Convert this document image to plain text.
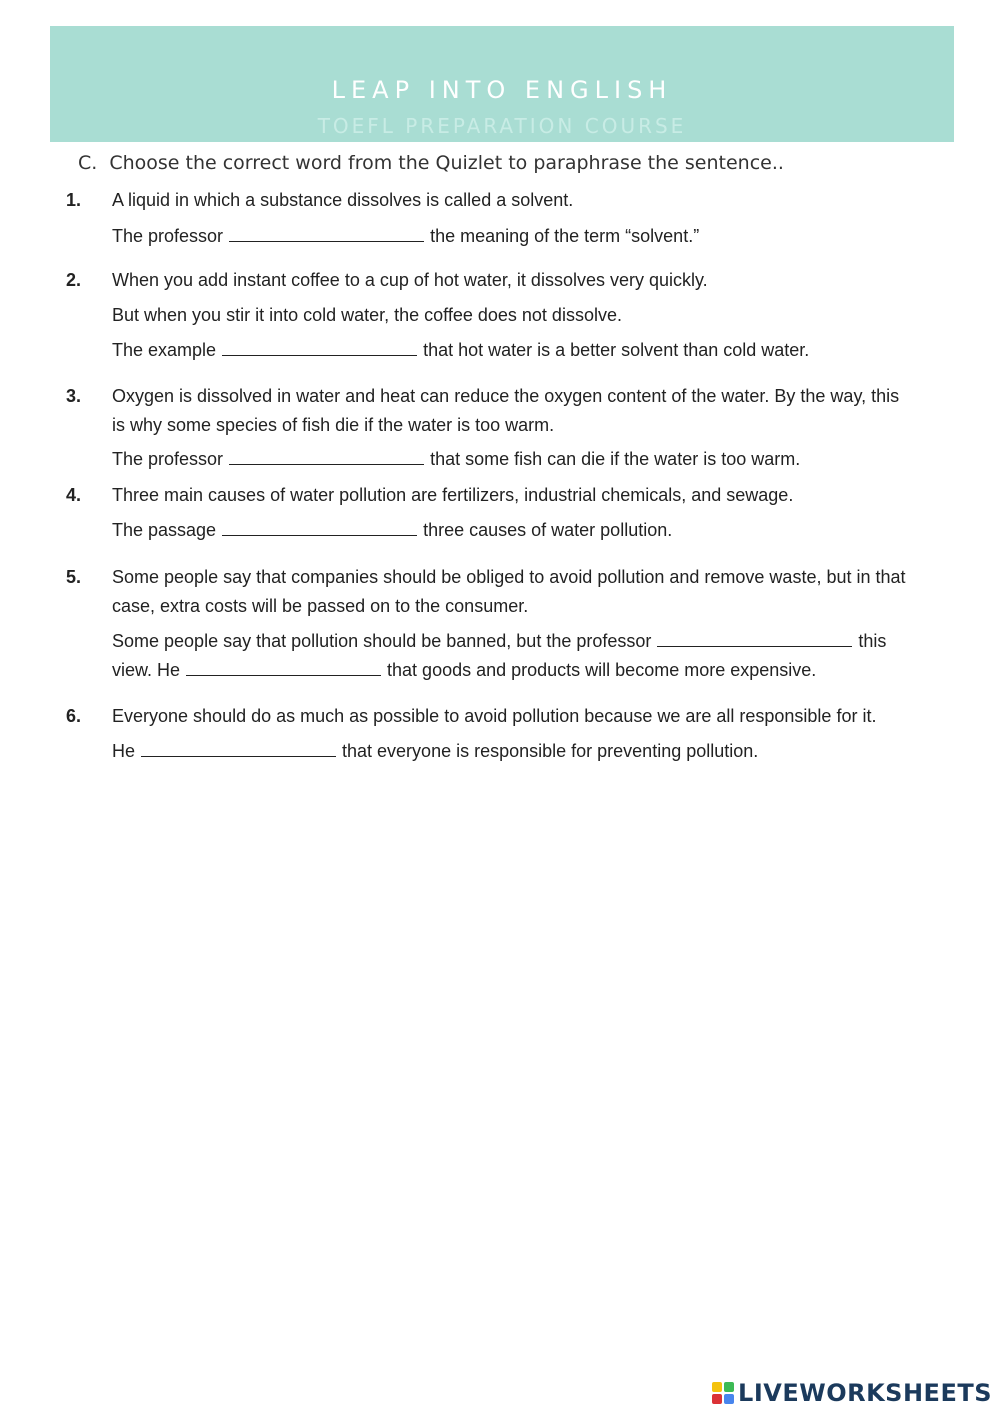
LEAP INTO ENGLISH
TOEFL PREPARATION COURSE
C. Choose the correct word from the Quizlet to paraphrase the sentence..
1. A liquid in which a substance dissolves is called a solvent.
The professor	the meaning of the term “solvent.”
2. When you add instant coffee to a cup of hot water, it dissolves very quickly.
But when you stir it into cold water, the coffee does not dissolve.
The example	that hot water is a better solvent than cold water.
3. Oxygen is dissolved in water and heat can reduce the oxygen content of the water. By the way, this
is why some species of fish die if the water is too warm.
The professor	that some fish can die if the water is too warm.
4. Three main causes of water pollution are fertilizers, industrial chemicals, and sewage.
The passage	three causes of water pollution.
5. Some people say that companies should be obliged to avoid pollution and remove waste, but in that
case, extra costs will be passed on to the consumer.
Some people say that pollution should be banned, but the professor	this
view. He	that goods and products will become more expensive.
6. Everyone should do as much as possible to avoid pollution because we are all responsible for it.
He	that everyone is responsible for preventing pollution.
LIVEWORKSHEETS
